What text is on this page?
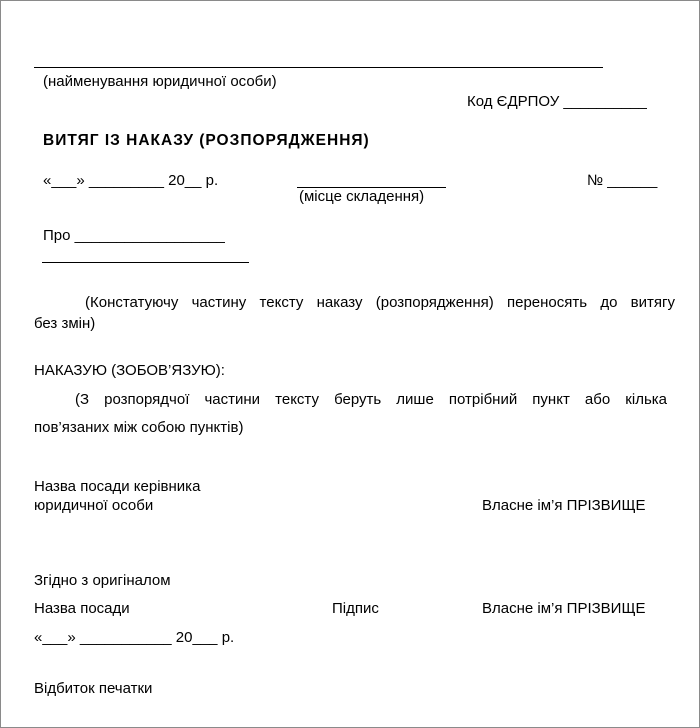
(найменування юридичної особи)
Код ЄДРПОУ __________
ВИТЯГ ІЗ НАКАЗУ (РОЗПОРЯДЖЕННЯ)
«___» _________ 20__ р.
(місце складення)
№ ______
Про __________________
(Констатуючу частину тексту наказу (розпорядження) переносять до витягу
без змін)
НАКАЗУЮ (ЗОБОВ’ЯЗУЮ):
(З розпорядчої частини тексту беруть лише потрібний пункт або кілька
пов’язаних між собою пунктів)
Назва посади керівника
юридичної особи	Власне ім’я ПРІЗВИЩЕ
Згідно з оригіналом
Назва посади	Підпис	Власне ім’я ПРІЗВИЩЕ
«___» ___________ 20___ р.
Відбиток печатки
